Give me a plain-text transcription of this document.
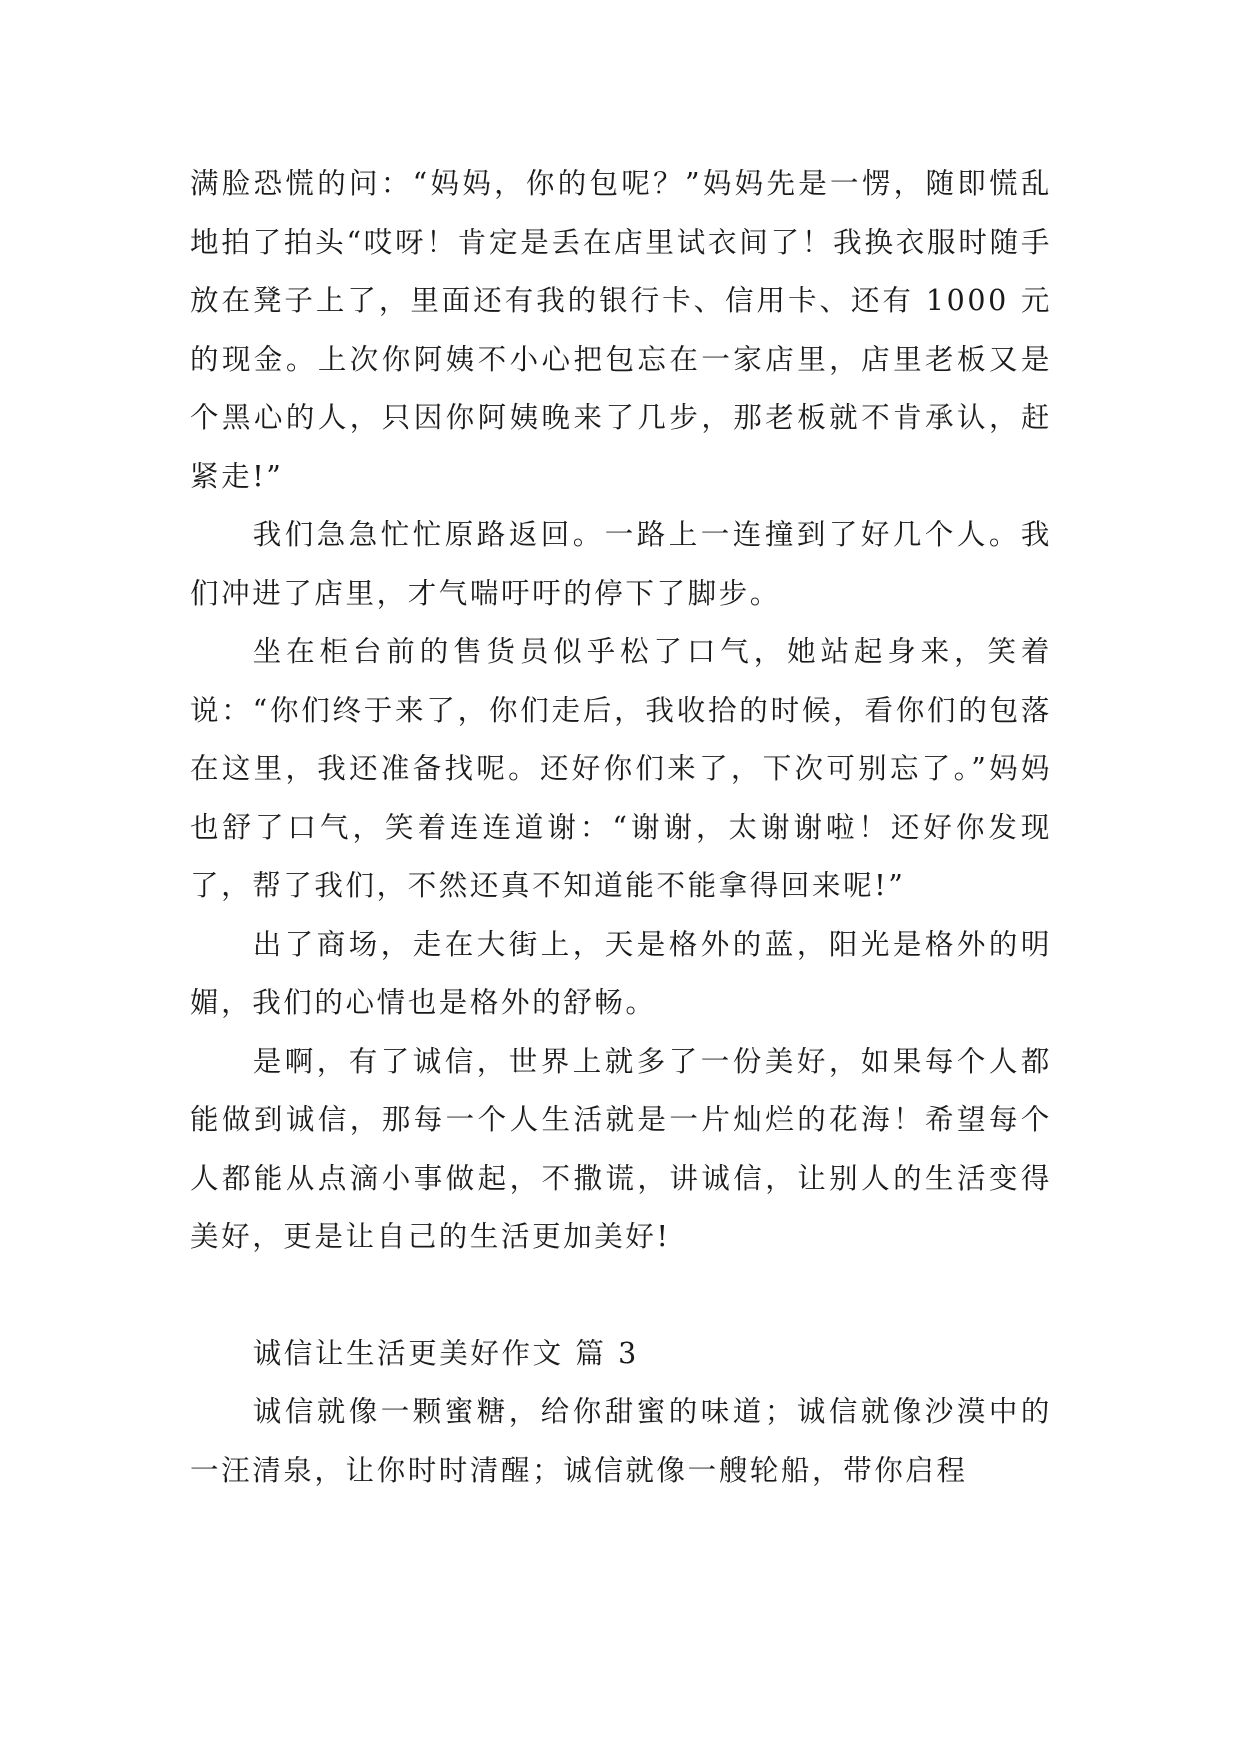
满脸恐慌的问：“妈妈，你的包呢？”妈妈先是一愣，随即慌乱地拍了拍头“哎呀！肯定是丢在店里试衣间了！我换衣服时随手放在凳子上了，里面还有我的银行卡、信用卡、还有 1000 元的现金。上次你阿姨不小心把包忘在一家店里，店里老板又是个黑心的人，只因你阿姨晚来了几步，那老板就不肯承认，赶紧走!”

我们急急忙忙原路返回。一路上一连撞到了好几个人。我们冲进了店里，才气喘吁吁的停下了脚步。

坐在柜台前的售货员似乎松了口气，她站起身来，笑着说：“你们终于来了，你们走后，我收拾的时候，看你们的包落在这里，我还准备找呢。还好你们来了，下次可别忘了。”妈妈也舒了口气，笑着连连道谢：“谢谢，太谢谢啦！还好你发现了，帮了我们，不然还真不知道能不能拿得回来呢!”

出了商场，走在大街上，天是格外的蓝，阳光是格外的明媚，我们的心情也是格外的舒畅。

是啊，有了诚信，世界上就多了一份美好，如果每个人都能做到诚信，那每一个人生活就是一片灿烂的花海！希望每个人都能从点滴小事做起，不撒谎，讲诚信，让别人的生活变得美好，更是让自己的生活更加美好!

诚信让生活更美好作文 篇 3

诚信就像一颗蜜糖，给你甜蜜的味道；诚信就像沙漠中的一汪清泉，让你时时清醒；诚信就像一艘轮船，带你启程
